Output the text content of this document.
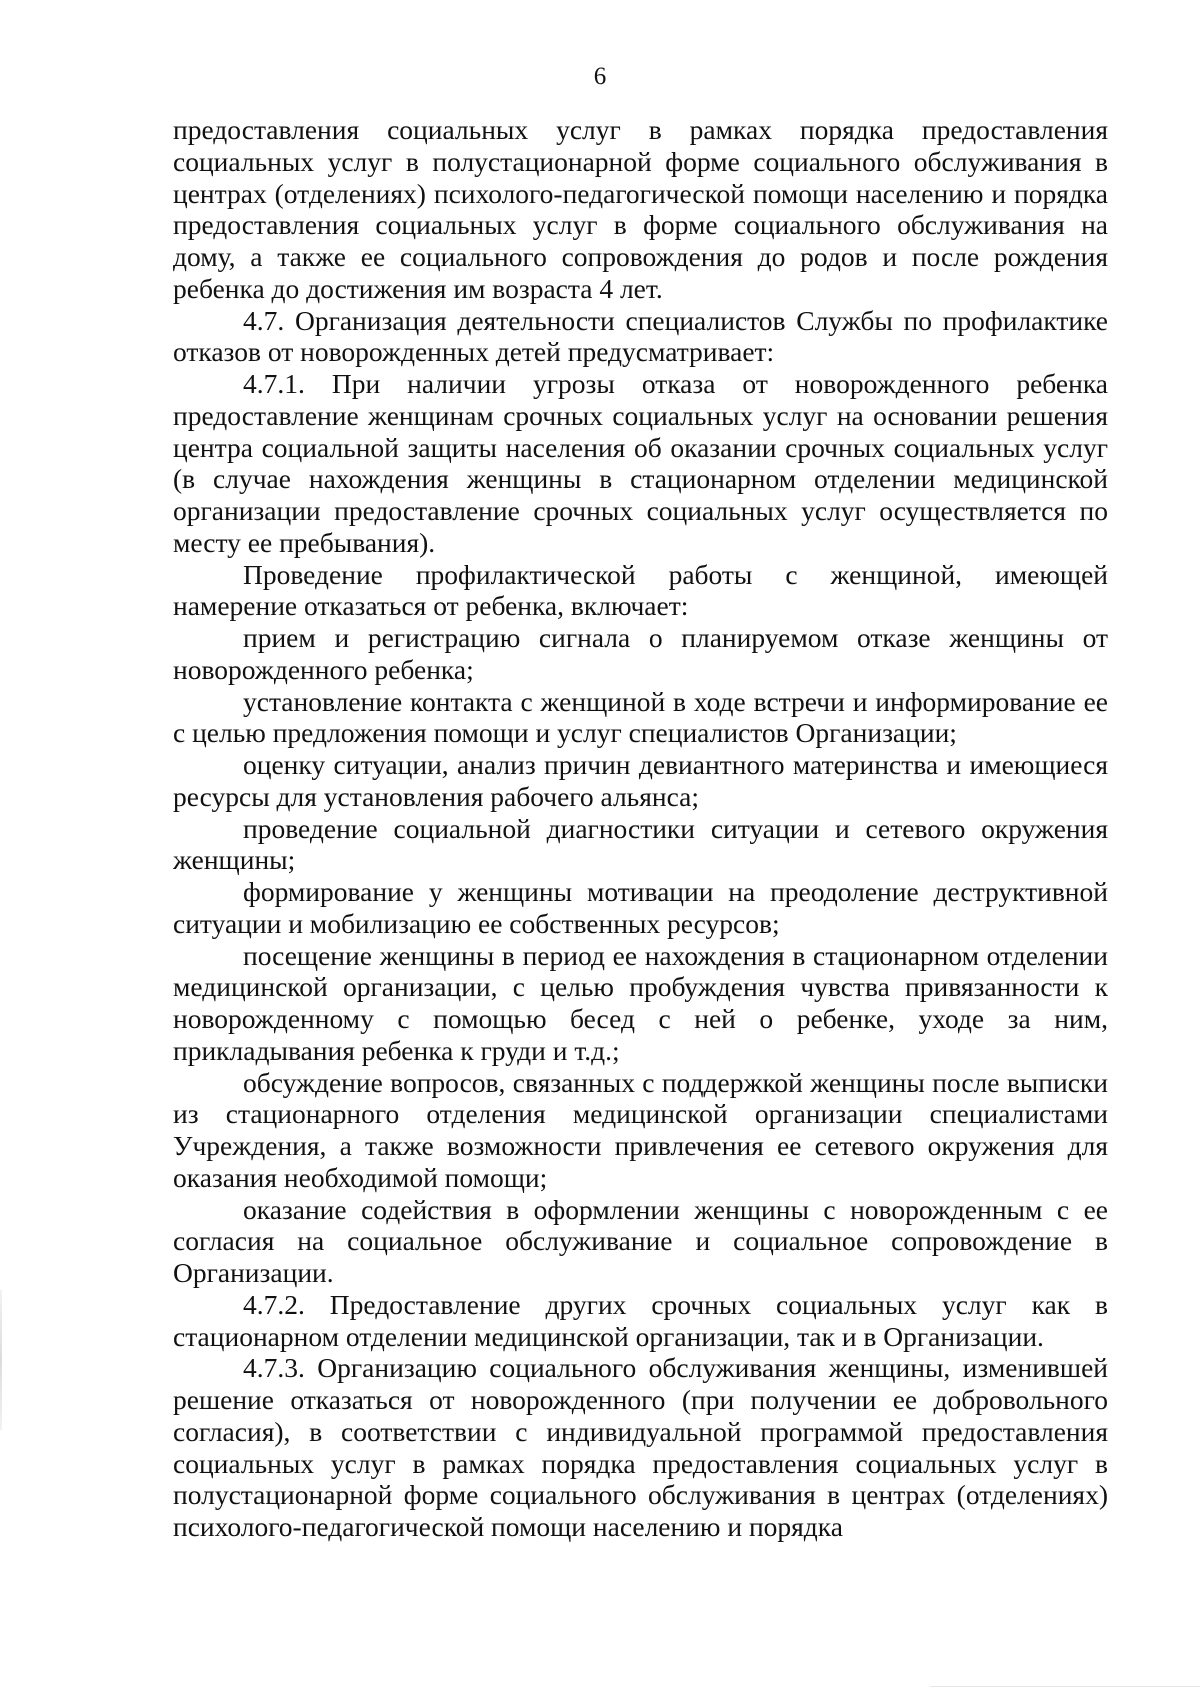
6

предоставления социальных услуг в рамках порядка предоставления социальных услуг в полустационарной форме социального обслуживания в центрах (отделениях) психолого-педагогической помощи населению и порядка предоставления социальных услуг в форме социального обслуживания на дому, а также ее социального сопровождения до родов и после рождения ребенка до достижения им возраста 4 лет.

4.7. Организация деятельности специалистов Службы по профилактике отказов от новорожденных детей предусматривает:

4.7.1. При наличии угрозы отказа от новорожденного ребенка предоставление женщинам срочных социальных услуг на основании решения центра социальной защиты населения об оказании срочных социальных услуг (в случае нахождения женщины в стационарном отделении медицинской организации предоставление срочных социальных услуг осуществляется по месту ее пребывания).

Проведение профилактической работы с женщиной, имеющей намерение отказаться от ребенка, включает:

прием и регистрацию сигнала о планируемом отказе женщины от новорожденного ребенка;

установление контакта с женщиной в ходе встречи и информирование ее с целью предложения помощи и услуг специалистов Организации;

оценку ситуации, анализ причин девиантного материнства и имеющиеся ресурсы для установления рабочего альянса;

проведение социальной диагностики ситуации и сетевого окружения женщины;

формирование у женщины мотивации на преодоление деструктивной ситуации и мобилизацию ее собственных ресурсов;

посещение женщины в период ее нахождения в стационарном отделении медицинской организации, с целью пробуждения чувства привязанности к новорожденному с помощью бесед с ней о ребенке, уходе за ним, прикладывания ребенка к груди и т.д.;

обсуждение вопросов, связанных с поддержкой женщины после выписки из стационарного отделения медицинской организации специалистами Учреждения, а также возможности привлечения ее сетевого окружения для оказания необходимой помощи;

оказание содействия в оформлении женщины с новорожденным с ее согласия на социальное обслуживание и социальное сопровождение в Организации.

4.7.2. Предоставление других срочных социальных услуг как в стационарном отделении медицинской организации, так и в Организации.

4.7.3. Организацию социального обслуживания женщины, изменившей решение отказаться от новорожденного (при получении ее добровольного согласия), в соответствии с индивидуальной программой предоставления социальных услуг в рамках порядка предоставления социальных услуг в полустационарной форме социального обслуживания в центрах (отделениях) психолого-педагогической помощи населению и порядка
